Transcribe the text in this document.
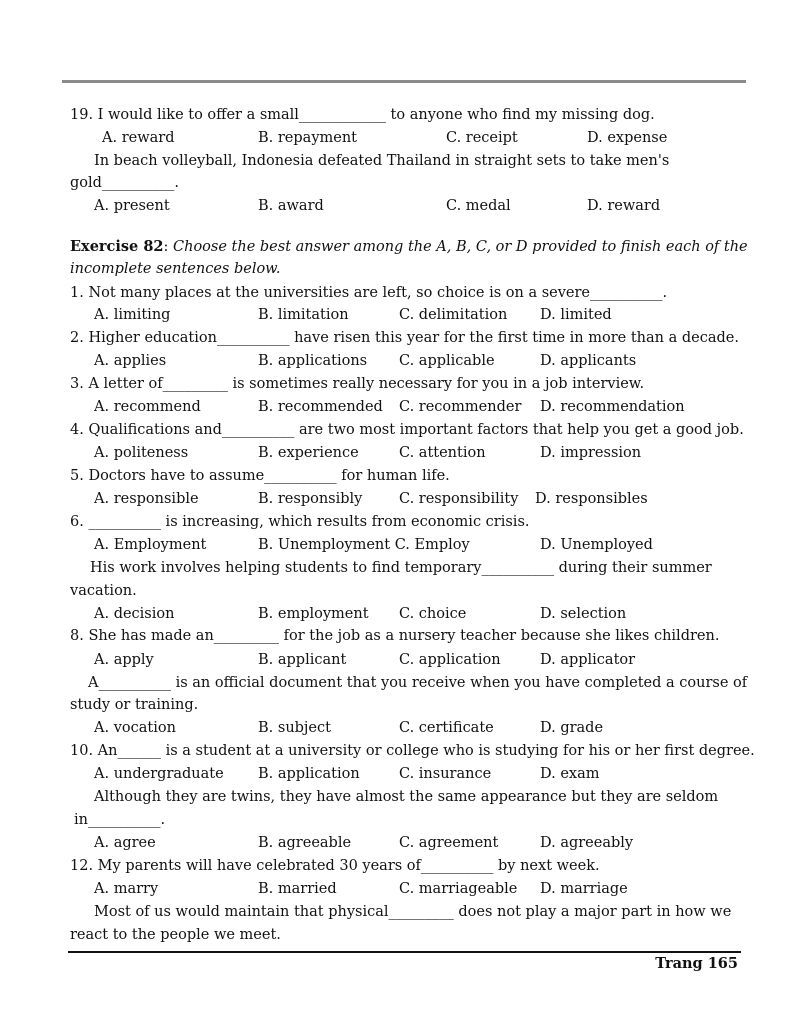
19. I would like to offer a small____________ to anyone who find my missing dog.
A. reward	B. repayment	C. receipt	D. expense
In beach volleyball, Indonesia defeated Thailand in straight sets to take men's
gold__________.
A. present	B. award	C. medal	D. reward
Exercise 82: Choose the best answer among the A, B, C, or D provided to finish each of the
incomplete sentences below.
1. Not many places at the universities are left, so choice is on a severe__________.
A. limiting	B. limitation	C. delimitation D. limited
2. Higher education__________ have risen this year for the first time in more than a decade.
A. applies	B. applications C. applicable	D. applicants
3. A letter of_________ is sometimes really necessary for you in a job interview.
A. recommend	B. recommended C. recommender D. recommendation
4. Qualifications and__________ are two most important factors that help you get a good job.
A. politeness	B. experience	C. attention	D. impression
5. Doctors have to assume__________ for human life.
A. responsible	B. responsibly	C. responsibility D. responsibles
6. __________ is increasing, which results from economic crisis.
A. Employment	B. Unemployment C. Employ	D. Unemployed
His work involves helping students to find temporary__________ during their summer
vacation.
A. decision	B. employment C. choice	D. selection
8. She has made an_________ for the job as a nursery teacher because she likes children.
A. apply	B. applicant	C. application	D. applicator
A__________ is an official document that you receive when you have completed a course of
study or training.
A. vocation	B. subject	C. certificate	D. grade
10. An______ is a student at a university or college who is studying for his or her first degree.
A. undergraduate B. application	C. insurance	D. exam
Although they are twins, they have almost the same appearance but they are seldom
in__________.
A. agree	B. agreeable	C. agreement	D. agreeably
12. My parents will have celebrated 30 years of__________ by next week.
A. marry	B. married	C. marriageable D. marriage
Most of us would maintain that physical_________ does not play a major part in how we
react to the people we meet.
Trang 165
